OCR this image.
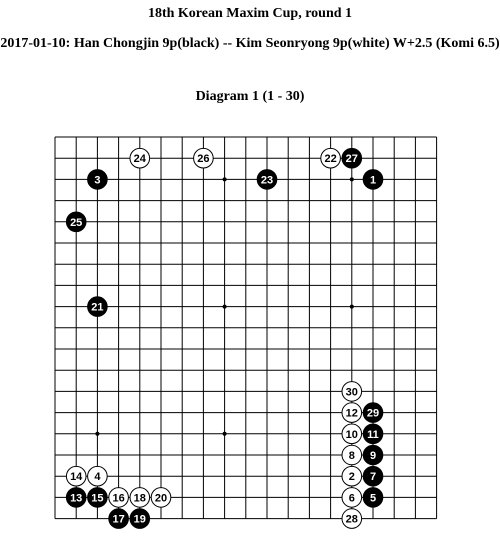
18th Korean Maxim Cup, round 1
2017-01-10: Han Chongjin 9p(black) -- Kim Seonryong 9p(white) W+2.5 (Komi 6.5)
Diagram 1 (1 - 30)
1
2
3
4
5
6
7
8 9
10 11
12
13
14
15 16
17
18
19
20
21
22
23
24
25
26	27
28
29
30
